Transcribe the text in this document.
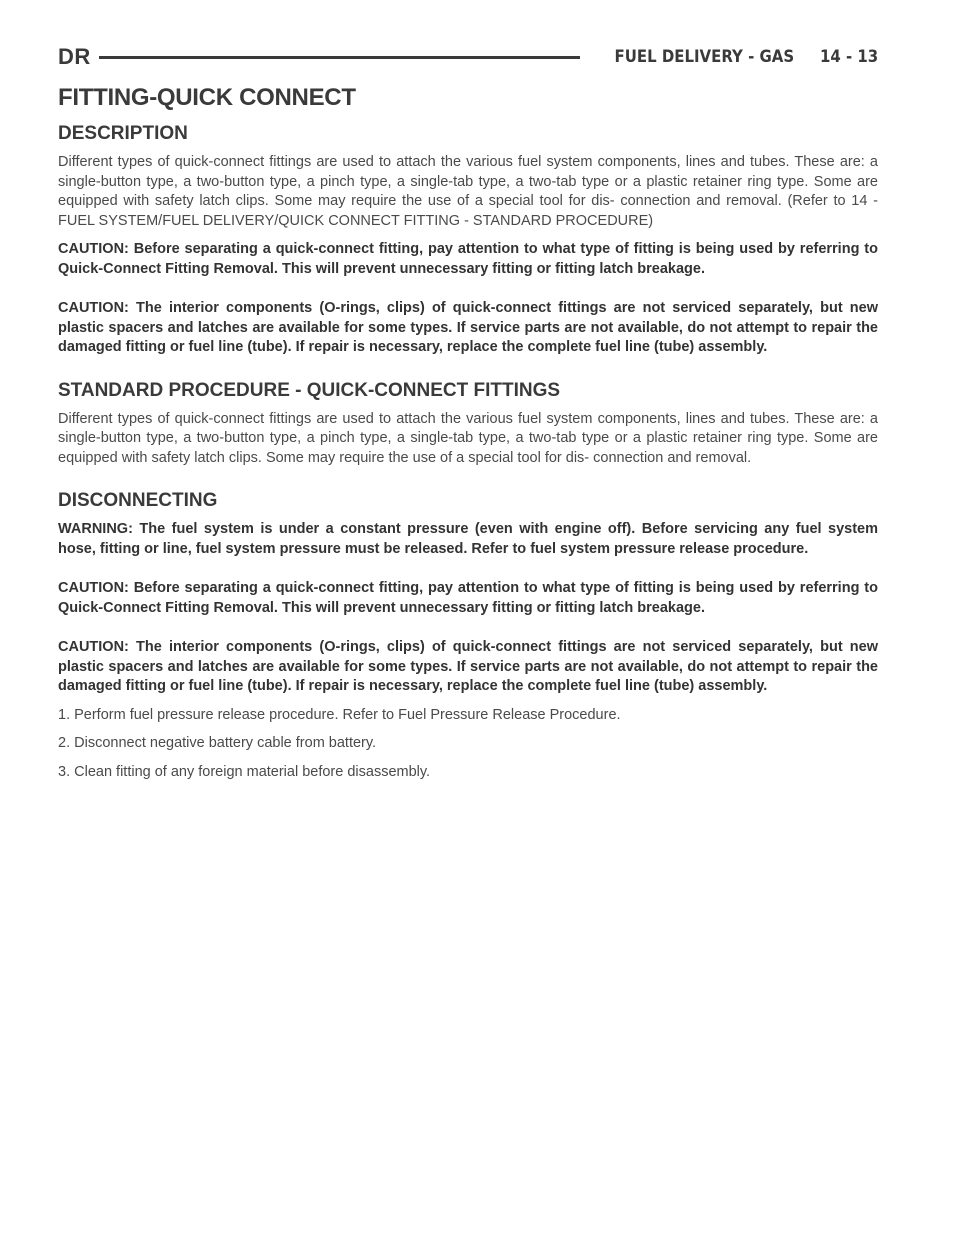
DR	FUEL DELIVERY - GAS 14 - 13
FITTING-QUICK CONNECT
DESCRIPTION

Different types of quick-connect fittings are used to attach the various fuel system components, lines and tubes. These are: a single-button type, a two-button type, a pinch type, a single-tab type, a two-tab type or a plastic retainer ring type. Some are equipped with safety latch clips. Some may require the use of a special tool for dis- connection and removal. (Refer to 14 - FUEL SYSTEM/FUEL DELIVERY/QUICK CONNECT FITTING - STANDARD PROCEDURE)

CAUTION: Before separating a quick-connect fitting, pay attention to what type of fitting is being used by referring to Quick-Connect Fitting Removal. This will prevent unnecessary fitting or fitting latch breakage.

CAUTION: The interior components (O-rings, clips) of quick-connect fittings are not serviced separately, but new plastic spacers and latches are available for some types. If service parts are not available, do not attempt to repair the damaged fitting or fuel line (tube). If repair is necessary, replace the complete fuel line (tube) assembly.

STANDARD PROCEDURE - QUICK-CONNECT FITTINGS

Different types of quick-connect fittings are used to attach the various fuel system components, lines and tubes. These are: a single-button type, a two-button type, a pinch type, a single-tab type, a two-tab type or a plastic retainer ring type. Some are equipped with safety latch clips. Some may require the use of a special tool for dis- connection and removal.

DISCONNECTING

WARNING: The fuel system is under a constant pressure (even with engine off). Before servicing any fuel system hose, fitting or line, fuel system pressure must be released. Refer to fuel system pressure release procedure.

CAUTION: Before separating a quick-connect fitting, pay attention to what type of fitting is being used by referring to Quick-Connect Fitting Removal. This will prevent unnecessary fitting or fitting latch breakage.

CAUTION: The interior components (O-rings, clips) of quick-connect fittings are not serviced separately, but new plastic spacers and latches are available for some types. If service parts are not available, do not attempt to repair the damaged fitting or fuel line (tube). If repair is necessary, replace the complete fuel line (tube) assembly.

1. Perform fuel pressure release procedure. Refer to Fuel Pressure Release Procedure.

2. Disconnect negative battery cable from battery.

3. Clean fitting of any foreign material before disassembly.
